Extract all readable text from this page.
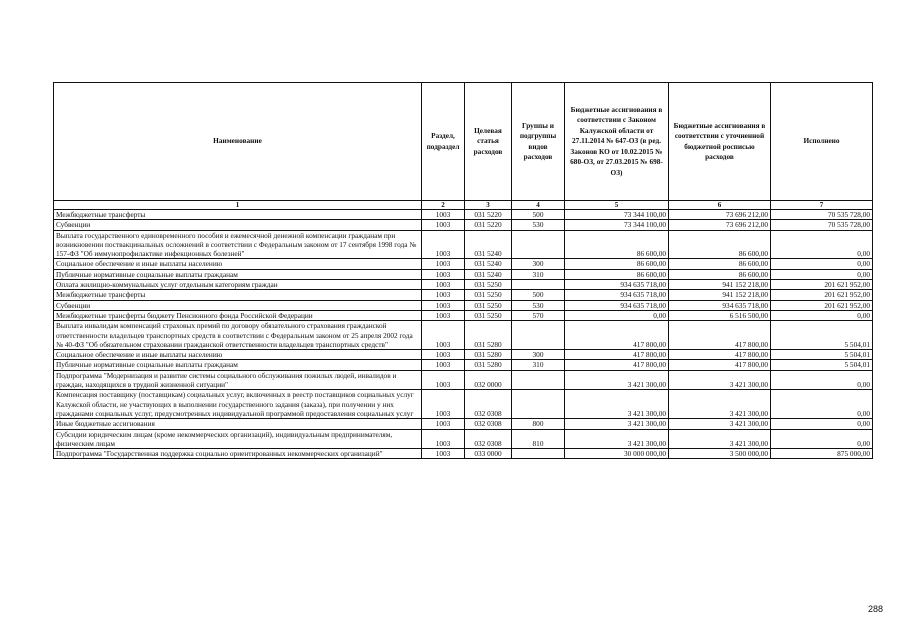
Наименование	Раздел, подраздел	Целевая статья расходов	Группы и подгруппы видов расходов	Бюджетные ассигнования в соответствии с Законом Калужской области от 27.11.2014 № 647-ОЗ (в ред. Законов КО от 10.02.2015 № 680-ОЗ, от 27.03.2015 № 698-ОЗ)	Бюджетные ассигнования в соответствии с уточненной бюджетной росписью расходов	Исполнено
1	2	3	4	5	6	7
Межбюджетные трансферты	1003	031 5220	500	73 344 100,00	73 696 212,00	70 535 728,00
Субвенции	1003	031 5220	530	73 344 100,00	73 696 212,00	70 535 728,00
Выплата государственного единовременного пособия и ежемесячной денежной компенсации гражданам при возникновении поствакцинальных осложнений в соответствии с Федеральным законом от 17 сентября 1998 года № 157-ФЗ "Об иммунопрофилактике инфекционных болезней"	1003	031 5240		86 600,00	86 600,00	0,00
Социальное обеспечение и иные выплаты населению	1003	031 5240	300	86 600,00	86 600,00	0,00
Публичные нормативные социальные выплаты гражданам	1003	031 5240	310	86 600,00	86 600,00	0,00
Оплата жилищно-коммунальных услуг отдельным категориям граждан	1003	031 5250		934 635 718,00	941 152 218,00	201 621 952,00
Межбюджетные трансферты	1003	031 5250	500	934 635 718,00	941 152 218,00	201 621 952,00
Субвенции	1003	031 5250	530	934 635 718,00	934 635 718,00	201 621 952,00
Межбюджетные трансферты бюджету Пенсионного фонда Российской Федерации	1003	031 5250	570	0,00	6 516 500,00	0,00
Выплата инвалидам компенсаций страховых премий по договору обязательного страхования гражданской ответственности владельцев транспортных средств в соответствии с Федеральным законом от 25 апреля 2002 года № 40-ФЗ "Об обязательном страховании гражданской ответственности владельцев транспортных средств"	1003	031 5280		417 800,00	417 800,00	5 504,01
Социальное обеспечение и иные выплаты населению	1003	031 5280	300	417 800,00	417 800,00	5 504,01
Публичные нормативные социальные выплаты гражданам	1003	031 5280	310	417 800,00	417 800,00	5 504,01
Подпрограмма "Модернизация и развитие системы социального обслуживания пожилых людей, инвалидов и граждан, находящихся в трудной жизненной ситуации"	1003	032 0000		3 421 300,00	3 421 300,00	0,00
Компенсация поставщику (поставщикам) социальных услуг, включенных в реестр поставщиков социальных услуг Калужской области, не участвующих в выполнении государственного задания (заказа), при получении у них гражданами социальных услуг, предусмотренных индивидуальной программой предоставления социальных услуг	1003	032 0308		3 421 300,00	3 421 300,00	0,00
Иные бюджетные ассигнования	1003	032 0308	800	3 421 300,00	3 421 300,00	0,00
Субсидии юридическим лицам (кроме некоммерческих организаций), индивидуальным предпринимателям, физическим лицам	1003	032 0308	810	3 421 300,00	3 421 300,00	0,00
Подпрограмма "Государственная поддержка социально ориентированных некоммерческих организаций"	1003	033 0000		30 000 000,00	3 500 000,00	875 000,00
288
